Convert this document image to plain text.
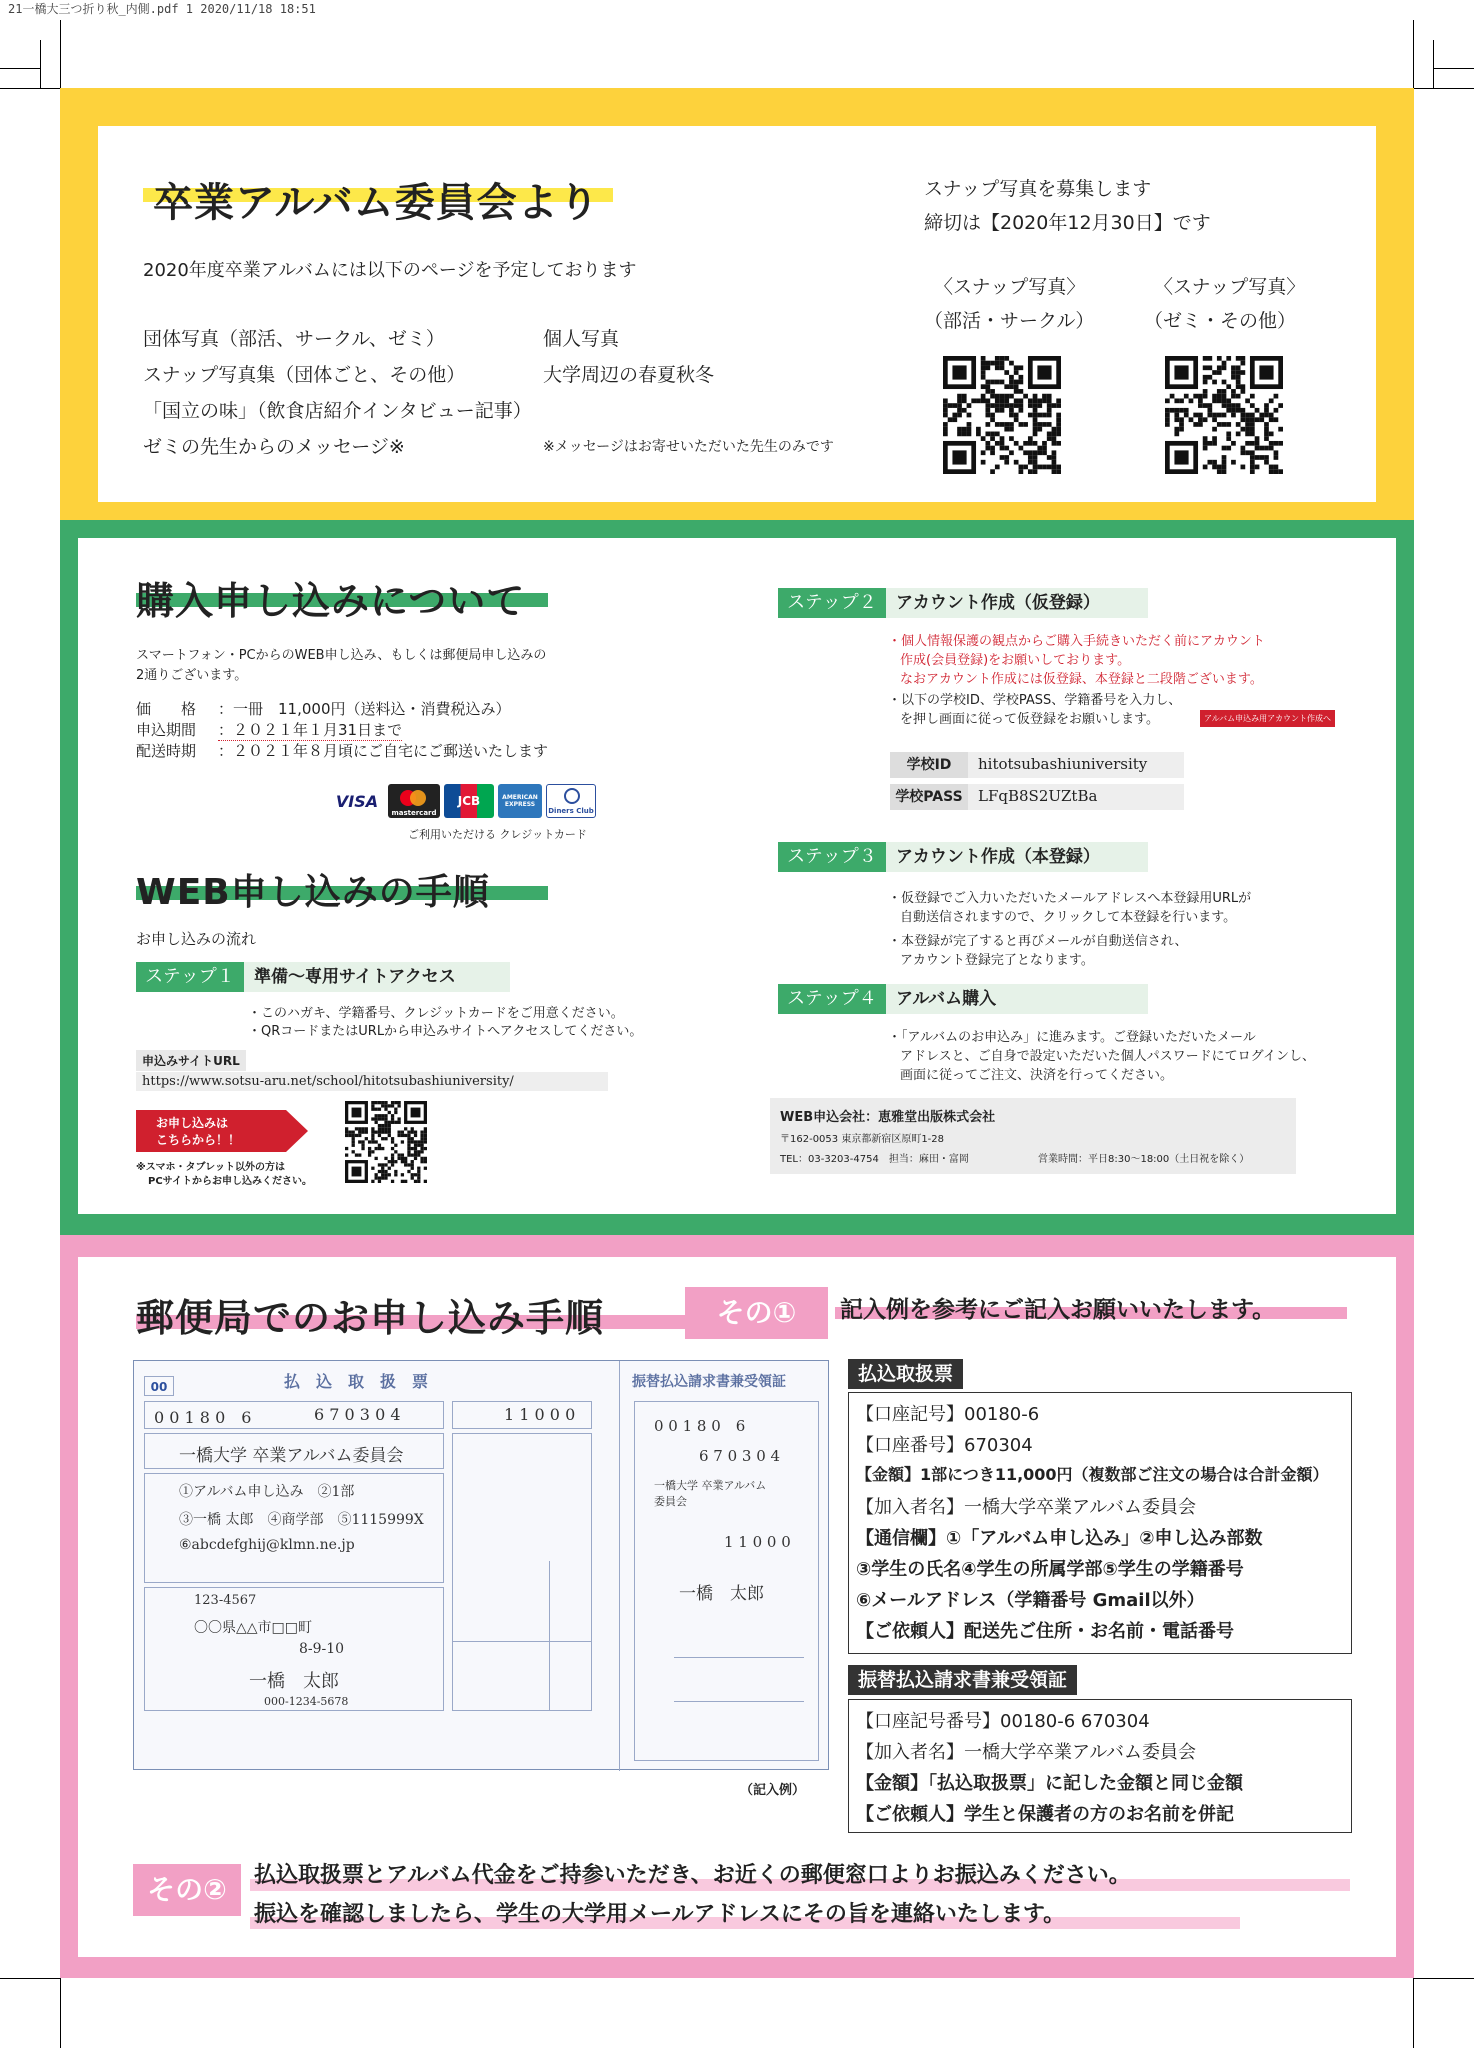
21一橋大三つ折り秋_内側.pdf 1 2020/11/18 18:51
卒業アルバム委員会より
2020年度卒業アルバムには以下のページを予定しております
団体写真（部活、サークル、ゼミ）
スナップ写真集（団体ごと、その他）
「国立の味」（飲食店紹介インタビュー記事）
ゼミの先生からのメッセージ※
個人写真
大学周辺の春夏秋冬
※メッセージはお寄せいただいた先生のみです
スナップ写真を募集します
締切は【2020年12月30日】です
〈スナップ写真〉
（部活・サークル）
〈スナップ写真〉
（ゼミ・その他）
購入申し込みについて
スマートフォン・PCからのWEB申し込み、もしくは郵便局申し込みの
2通りございます。
価　　格 ：一冊　11,000円（送料込・消費税込み）
申込期間 ：２０２１年１月31日まで
配送時期 ：２０２１年８月頃にご自宅にご郵送いたします
VISA
mastercard
JCB	AMERICAN EXPRESS
Diners Club
ご利用いただける クレジットカード
WEB申し込みの手順
お申し込みの流れ
ステップ１	準備～専用サイトアクセス
・このハガキ、学籍番号、クレジットカードをご用意ください。
・QRコードまたはURLから申込みサイトへアクセスしてください。
申込みサイトURL
https://www.sotsu-aru.net/school/hitotsubashiuniversity/
お申し込みは
こちらから！！
※スマホ・タブレット以外の方は
PCサイトからお申し込みください。
ステップ２	アカウント作成（仮登録）
・個人情報保護の観点からご購入手続きいただく前にアカウント
作成(会員登録)をお願いしております。
なおアカウント作成には仮登録、本登録と二段階ございます。
・以下の学校ID、学校PASS、学籍番号を入力し、
を押し画面に従って仮登録をお願いします。	アルバム申込み用アカウント作成へ
学校ID	hitotsubashiuniversity
学校PASS	LFqB8S2UZtBa
ステップ３	アカウント作成（本登録）
・仮登録でご入力いただいたメールアドレスへ本登録用URLが
自動送信されますので、クリックして本登録を行います。
・本登録が完了すると再びメールが自動送信され、
アカウント登録完了となります。
ステップ４	アルバム購入
・「アルバムのお申込み」に進みます。ご登録いただいたメール
アドレスと、ご自身で設定いただいた個人パスワードにてログインし、
画面に従ってご注文、決済を行ってください。
WEB申込会社：恵雅堂出版株式会社
〒162-0053 東京都新宿区原町1-28
TEL：03-3203-4754　担当：麻田・富岡	営業時間：平日8:30～18:00（土日祝を除く）
郵便局でのお申し込み手順	その①	記入例を参考にご記入お願いいたします。
00	払　込　取　扱　票	振替払込請求書兼受領証
0 0 1 8 0　6	6 7 0 3 0 4	1 1 0 0 0
一橋大学 卒業アルバム委員会
①アルバム申し込み　②1部
③一橋 太郎　④商学部　⑤1115999X
⑥abcdefghij@klmn.ne.jp
123-4567
〇〇県△△市□□町
8-9-10
一橋　太郎
000-1234-5678
0 0 1 8 0　6
6 7 0 3 0 4
一橋大学 卒業アルバム委員会
1 1 0 0 0
一橋　太郎
（記入例）
払込取扱票
【口座記号】00180-6
【口座番号】670304
【金額】1部につき11,000円（複数部ご注文の場合は合計金額）
【加入者名】一橋大学卒業アルバム委員会
【通信欄】①「アルバム申し込み」②申し込み部数
③学生の氏名④学生の所属学部⑤学生の学籍番号
⑥メールアドレス（学籍番号 Gmail以外）
【ご依頼人】配送先ご住所・お名前・電話番号
振替払込請求書兼受領証
【口座記号番号】00180-6 670304
【加入者名】一橋大学卒業アルバム委員会
【金額】「払込取扱票」に記した金額と同じ金額
【ご依頼人】学生と保護者の方のお名前を併記
その②	払込取扱票とアルバム代金をご持参いただき、お近くの郵便窓口よりお振込みください。
振込を確認しましたら、学生の大学用メールアドレスにその旨を連絡いたします。
